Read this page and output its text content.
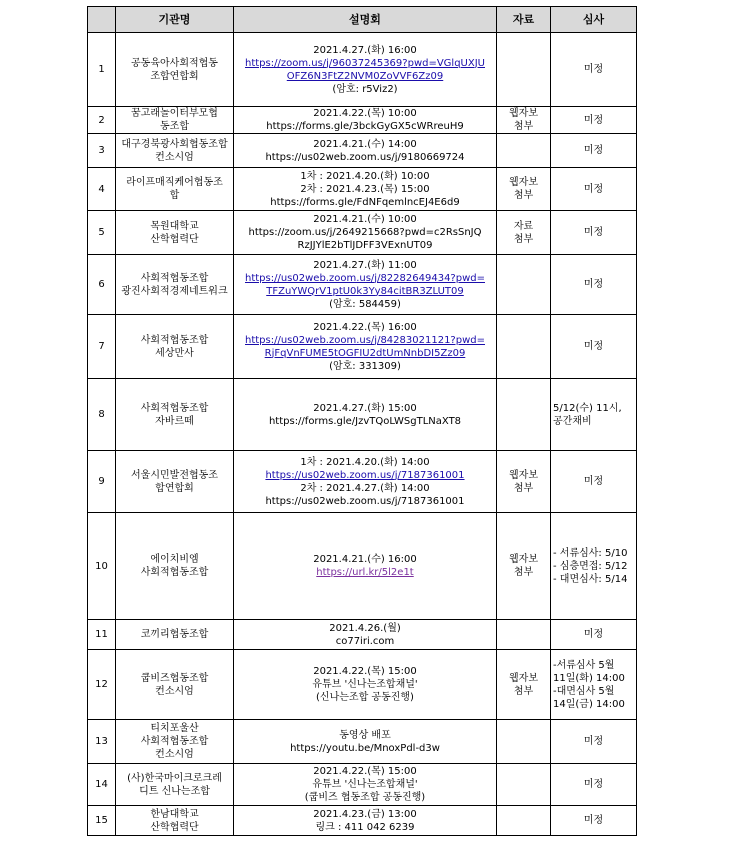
	기관명	설명회	자료	심사
1	공동육아사회적협동
조합연합회	2021.4.27.(화) 16:00
https://zoom.us/j/96037245369?pwd=VGlqUXJU
OFZ6N3FtZ2NVM0ZoVVF6Zz09
(암호: r5Viz2)		미정

2	꿈고래놀이터부모협
동조합	2021.4.22.(목) 10:00
https://forms.gle/3bckGyGX5cWRreuH9	웹자보
첨부	미정

3	대구경북광사회협동조합
컨소시엄	2021.4.21.(수) 14:00
https://us02web.zoom.us/j/9180669724		미정

4	라이프매직케어협동조
합	1차 : 2021.4.20.(화) 10:00
2차 : 2021.4.23.(목) 15:00
https://forms.gle/FdNFqemlncEJ4E6d9	웹자보
첨부	미정

5	목원대학교
산학협력단	2021.4.21.(수) 10:00
https://zoom.us/j/2649215668?pwd=c2RsSnJQ
RzJJYlE2bTlJDFF3VExnUT09	자료
첨부	미정

6	사회적협동조합
광진사회적경제네트워크	2021.4.27.(화) 11:00
https://us02web.zoom.us/j/82282649434?pwd=
TFZuYWQrV1ptU0k3Yy84citBR3ZLUT09
(암호: 584459)		미정

7	사회적협동조합
세상만사	2021.4.22.(목) 16:00
https://us02web.zoom.us/j/84283021121?pwd=
RjFqVnFUME5tOGFIU2dtUmNnbDI5Zz09
(암호: 331309)		미정

8	사회적협동조합
자바르떼	2021.4.27.(화) 15:00
https://forms.gle/JzvTQoLWSgTLNaXT8		5/12(수) 11시,
공간채비

9	서울시민발전협동조
합연합회	1차 : 2021.4.20.(화) 14:00
https://us02web.zoom.us/j/7187361001
2차 : 2021.4.27.(화) 14:00
https://us02web.zoom.us/j/7187361001	웹자보
첨부	미정

10	에이치비엠
사회적협동조합	2021.4.21.(수) 16:00
https://url.kr/5l2e1t	웹자보
첨부	- 서류심사: 5/10
- 심층면접: 5/12
- 대면심사: 5/14

11	코끼리협동조합	2021.4.26.(월)
co77iri.com		미정

12	쿱비즈협동조합
컨소시엄	2021.4.22.(목) 15:00
유튜브 '신나는조합채널'
(신나는조합 공동진행)	웹자보
첨부	-서류심사 5월
11일(화) 14:00
-대면심사 5월
14일(금) 14:00

13	티치포울산
사회적협동조합
컨소시엄	동영상 배포
https://youtu.be/MnoxPdl-d3w		미정

14	(사)한국마이크로크레
디트 신나는조합	2021.4.22.(목) 15:00
유튜브 '신나는조합채널'
(쿱비즈 협동조합 공동진행)		미정

15	한남대학교
산학협력단	2021.4.23.(금) 13:00
링크 : 411 042 6239		미정
